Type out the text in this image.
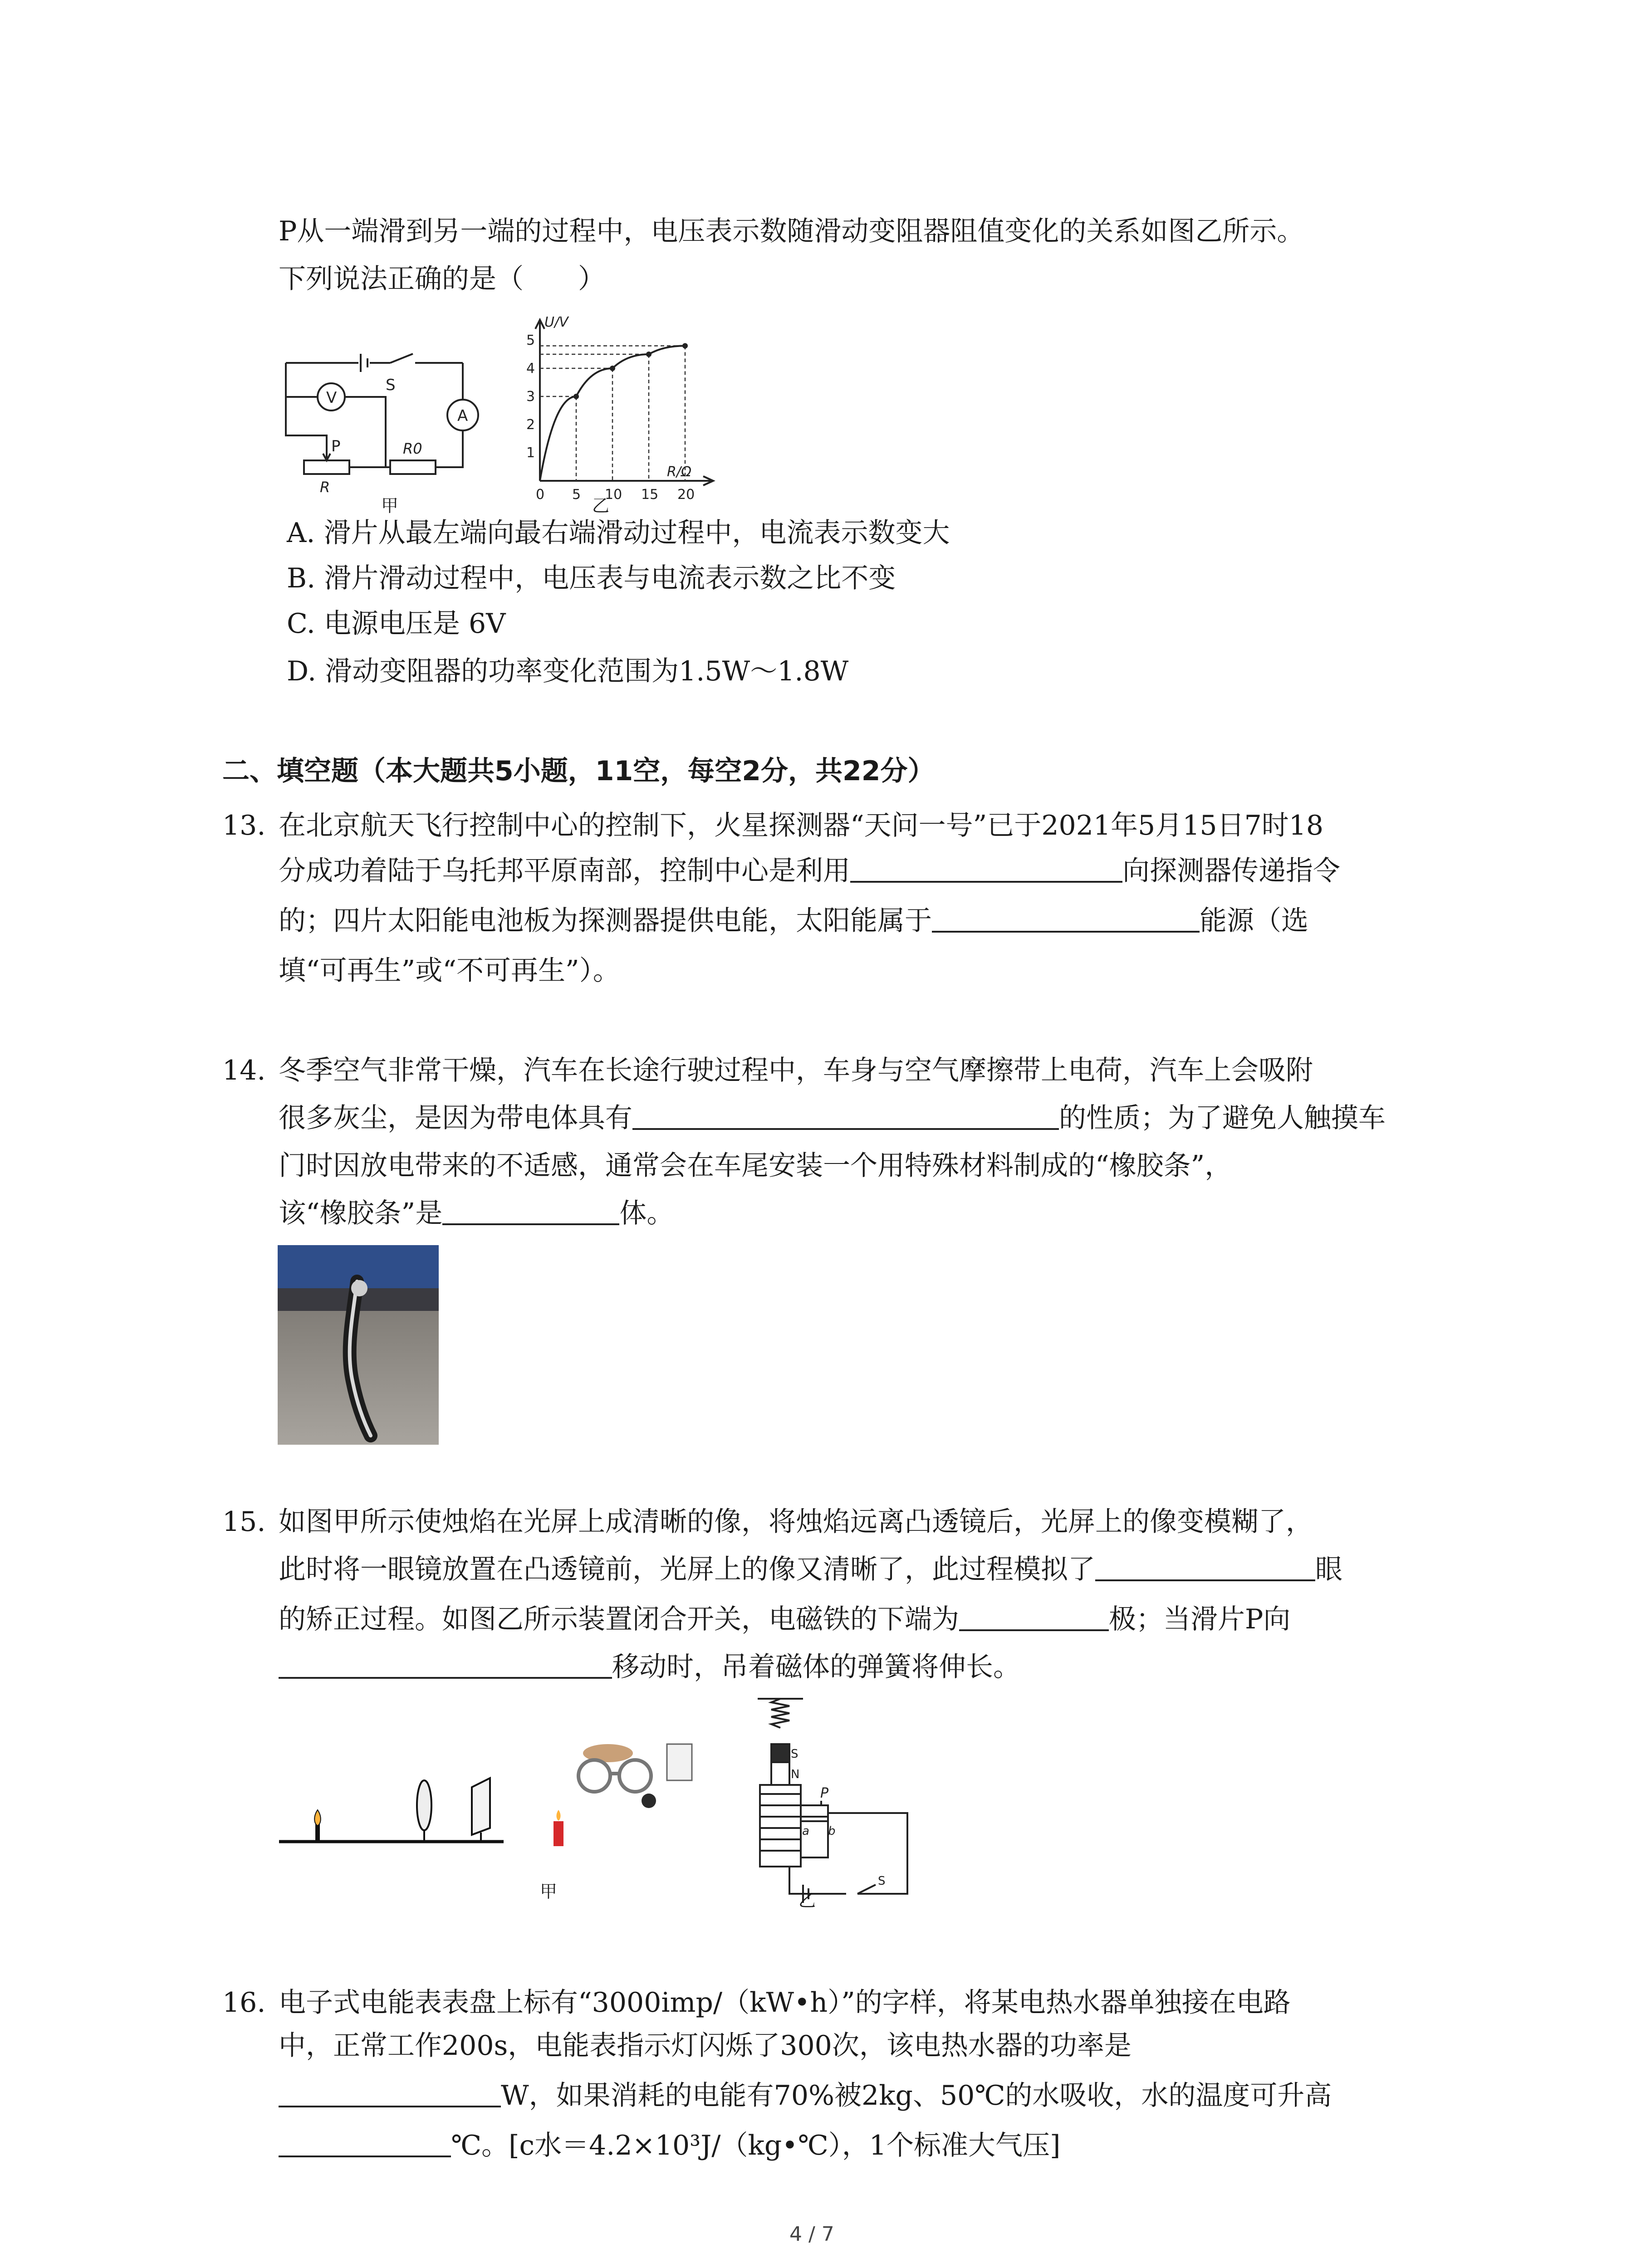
P从一端滑到另一端的过程中，电压表示数随滑动变阻器阻值变化的关系如图乙所示。
下列说法正确的是（　　）
V
A
S
P
R
R0
甲
1
2
3
4
5
0 5 10 15 20
U/V
R/Ω
乙
A. 滑片从最左端向最右端滑动过程中，电流表示数变大
B. 滑片滑动过程中，电压表与电流表示数之比不变
C. 电源电压是 6V
D. 滑动变阻器的功率变化范围为1.5W～1.8W
二、填空题（本大题共5小题，11空，每空2分，共22分）
13. 在北京航天飞行控制中心的控制下，火星探测器“天问一号”已于2021年5月15日7时18
分成功着陆于乌托邦平原南部，控制中心是利用	向探测器传递指令
的；四片太阳能电池板为探测器提供电能，太阳能属于	能源（选
填“可再生”或“不可再生”）。
14. 冬季空气非常干燥，汽车在长途行驶过程中，车身与空气摩擦带上电荷，汽车上会吸附
很多灰尘，是因为带电体具有	的性质；为了避免人触摸车
门时因放电带来的不适感，通常会在车尾安装一个用特殊材料制成的“橡胶条”，
该“橡胶条”是	体。
15. 如图甲所示使烛焰在光屏上成清晰的像，将烛焰远离凸透镜后，光屏上的像变模糊了，
此时将一眼镜放置在凸透镜前，光屏上的像又清晰了，此过程模拟了	眼
的矫正过程。如图乙所示装置闭合开关，电磁铁的下端为	极；当滑片P向
移动时，吊着磁体的弹簧将伸长。
甲
S
N
P
a b
S
乙
16. 电子式电能表表盘上标有“3000imp/（kW•h）”的字样，将某电热水器单独接在电路
中，正常工作200s，电能表指示灯闪烁了300次，该电热水器的功率是
W，如果消耗的电能有70%被2kg、50℃的水吸收，水的温度可升高
℃。[c水＝4.2×10³J/（kg•℃），1个标准大气压]
4 / 7
